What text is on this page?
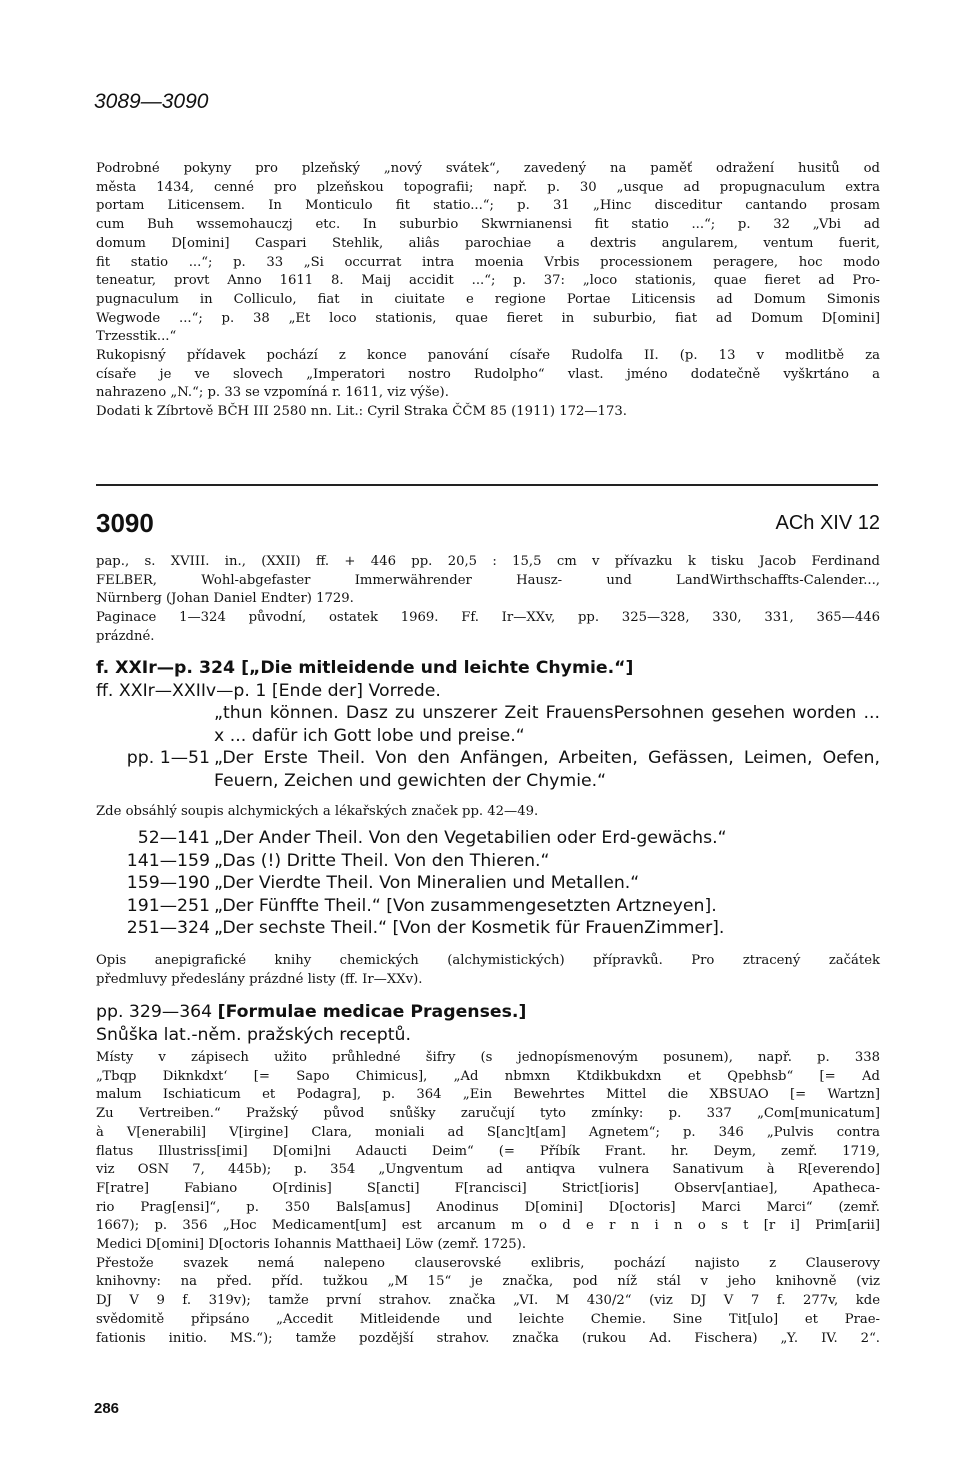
3089—3090

Podrobné pokyny pro plzeňský „nový svátek“, zavedený na paměť odražení husitů od

města 1434, cenné pro plzeňskou topografii; např. p. 30 „usque ad propugnaculum extra

portam Liticensem. In Monticulo fit statio...“; p. 31 „Hinc disceditur cantando prosam

cum Buh wssemohauczj etc. In suburbio Skwrnianensi fit statio ...“; p. 32 „Vbi ad

domum D[omini] Caspari Stehlik, aliâs parochiae a dextris angularem, ventum fuerit,

fit statio ...“; p. 33 „Si occurrat intra moenia Vrbis processionem peragere, hoc modo

teneatur, provt Anno 1611 8. Maij accidit ...“; p. 37: „loco stationis, quae fieret ad Pro-

pugnaculum in Colliculo, fiat in ciuitate e regione Portae Liticensis ad Domum Simonis

Wegwode ...“; p. 38 „Et loco stationis, quae fieret in suburbio, fiat ad Domum D[omini]

Trzesstik...“

Rukopisný přídavek pochází z konce panování císaře Rudolfa II. (p. 13 v modlitbě za

císaře je ve slovech „Imperatori nostro Rudolpho“ vlast. jméno dodatečně vyškrtáno a

nahrazeno „N.“; p. 33 se vzpomíná r. 1611, viz výše).

Dodati k Zíbrtově BČH III 2580 nn. Lit.: Cyril Straka ČČM 85 (1911) 172—173.

3090	ACh XIV 12

pap., s. XVIII. in., (XXII) ff. + 446 pp. 20,5 : 15,5 cm v přívazku k tisku Jacob Ferdinand

FELBER, Wohl-abgefaster Immerwährender Hausz- und LandWirthschaffts-Calender...,

Nürnberg (Johan Daniel Endter) 1729.

Paginace 1—324 původní, ostatek 1969. Ff. Ir—XXv, pp. 325—328, 330, 331, 365—446

prázdné.

f. XXIr—p. 324 [„Die mitleidende und leichte Chymie.“]

ff. XXIr—XXIIv—p. 1 [Ende der] Vorrede.

„thun können. Dasz zu unszerer Zeit FrauensPersohnen gesehen worden ... x ... dafür ich Gott lobe und preise.“

pp. 1—51 „Der Erste Theil. Von den Anfängen, Arbeiten, Gefässen, Leimen, Oefen, Feuern, Zeichen und gewichten der Chymie.“

Zde obsáhlý soupis alchymických a lékařských značek pp. 42—49.

52—141 „Der Ander Theil. Von den Vegetabilien oder Erd-gewächs.“
141—159 „Das (!) Dritte Theil. Von den Thieren.“
159—190 „Der Vierdte Theil. Von Mineralien und Metallen.“
191—251 „Der Fünffte Theil.“ [Von zusammengesetzten Artzneyen].
251—324 „Der sechste Theil.“ [Von der Kosmetik für FrauenZimmer].

Opis anepigrafické knihy chemických (alchymistických) přípravků. Pro ztracený začátek

předmluvy předeslány prázdné listy (ff. Ir—XXv).

pp. 329—364 [Formulae medicae Pragenses.]

Snůška lat.-něm. pražských receptů.

Místy v zápisech užito průhledné šifry (s jednopísmenovým posunem), např. p. 338

„Tbqp Diknkdxt‘ [= Sapo Chimicus], „Ad nbmxn Ktdikbukdxn et Qpebhsb“ [= Ad

malum Ischiaticum et Podagra], p. 364 „Ein Bewehrtes Mittel die XBSUAO [= Wartzn]

Zu Vertreiben.“ Pražský původ snůšky zaručují tyto zmínky: p. 337 „Com[municatum]

à V[enerabili] V[irgine] Clara, moniali ad S[anc]t[am] Agnetem“; p. 346 „Pulvis contra

flatus Illustriss[imi] D[omi]ni Adaucti Deim“ (= Příbík Frant. hr. Deym, zemř. 1719,

viz OSN 7, 445b); p. 354 „Ungventum ad antiqva vulnera Sanativum à R[everendo]

F[ratre] Fabiano O[rdinis] S[ancti] F[rancisci] Strict[ioris] Observ[antiae], Apatheca-

rio Prag[ensi]“, p. 350 Bals[amus] Anodinus D[omini] D[octoris] Marci Marci“ (zemř.

1667); p. 356 „Hoc Medicament[um] est arcanum m o d e r n i n o s t [r i] Prim[arii]

Medici D[omini] D[octoris Iohannis Matthaei] Löw (zemř. 1725).

Přestože svazek nemá nalepeno clauserovské exlibris, pochází najisto z Clauserovy

knihovny: na před. příd. tužkou „M 15“ je značka, pod níž stál v jeho knihovně (viz

DJ V 9 f. 319v); tamže první strahov. značka „VI. M 430/2“ (viz DJ V 7 f. 277v, kde

svědomitě připsáno „Accedit Mitleidende und leichte Chemie. Sine Tit[ulo] et Prae-

fationis initio. MS.“); tamže pozdější strahov. značka (rukou Ad. Fischera) „Y. IV. 2“.

286
